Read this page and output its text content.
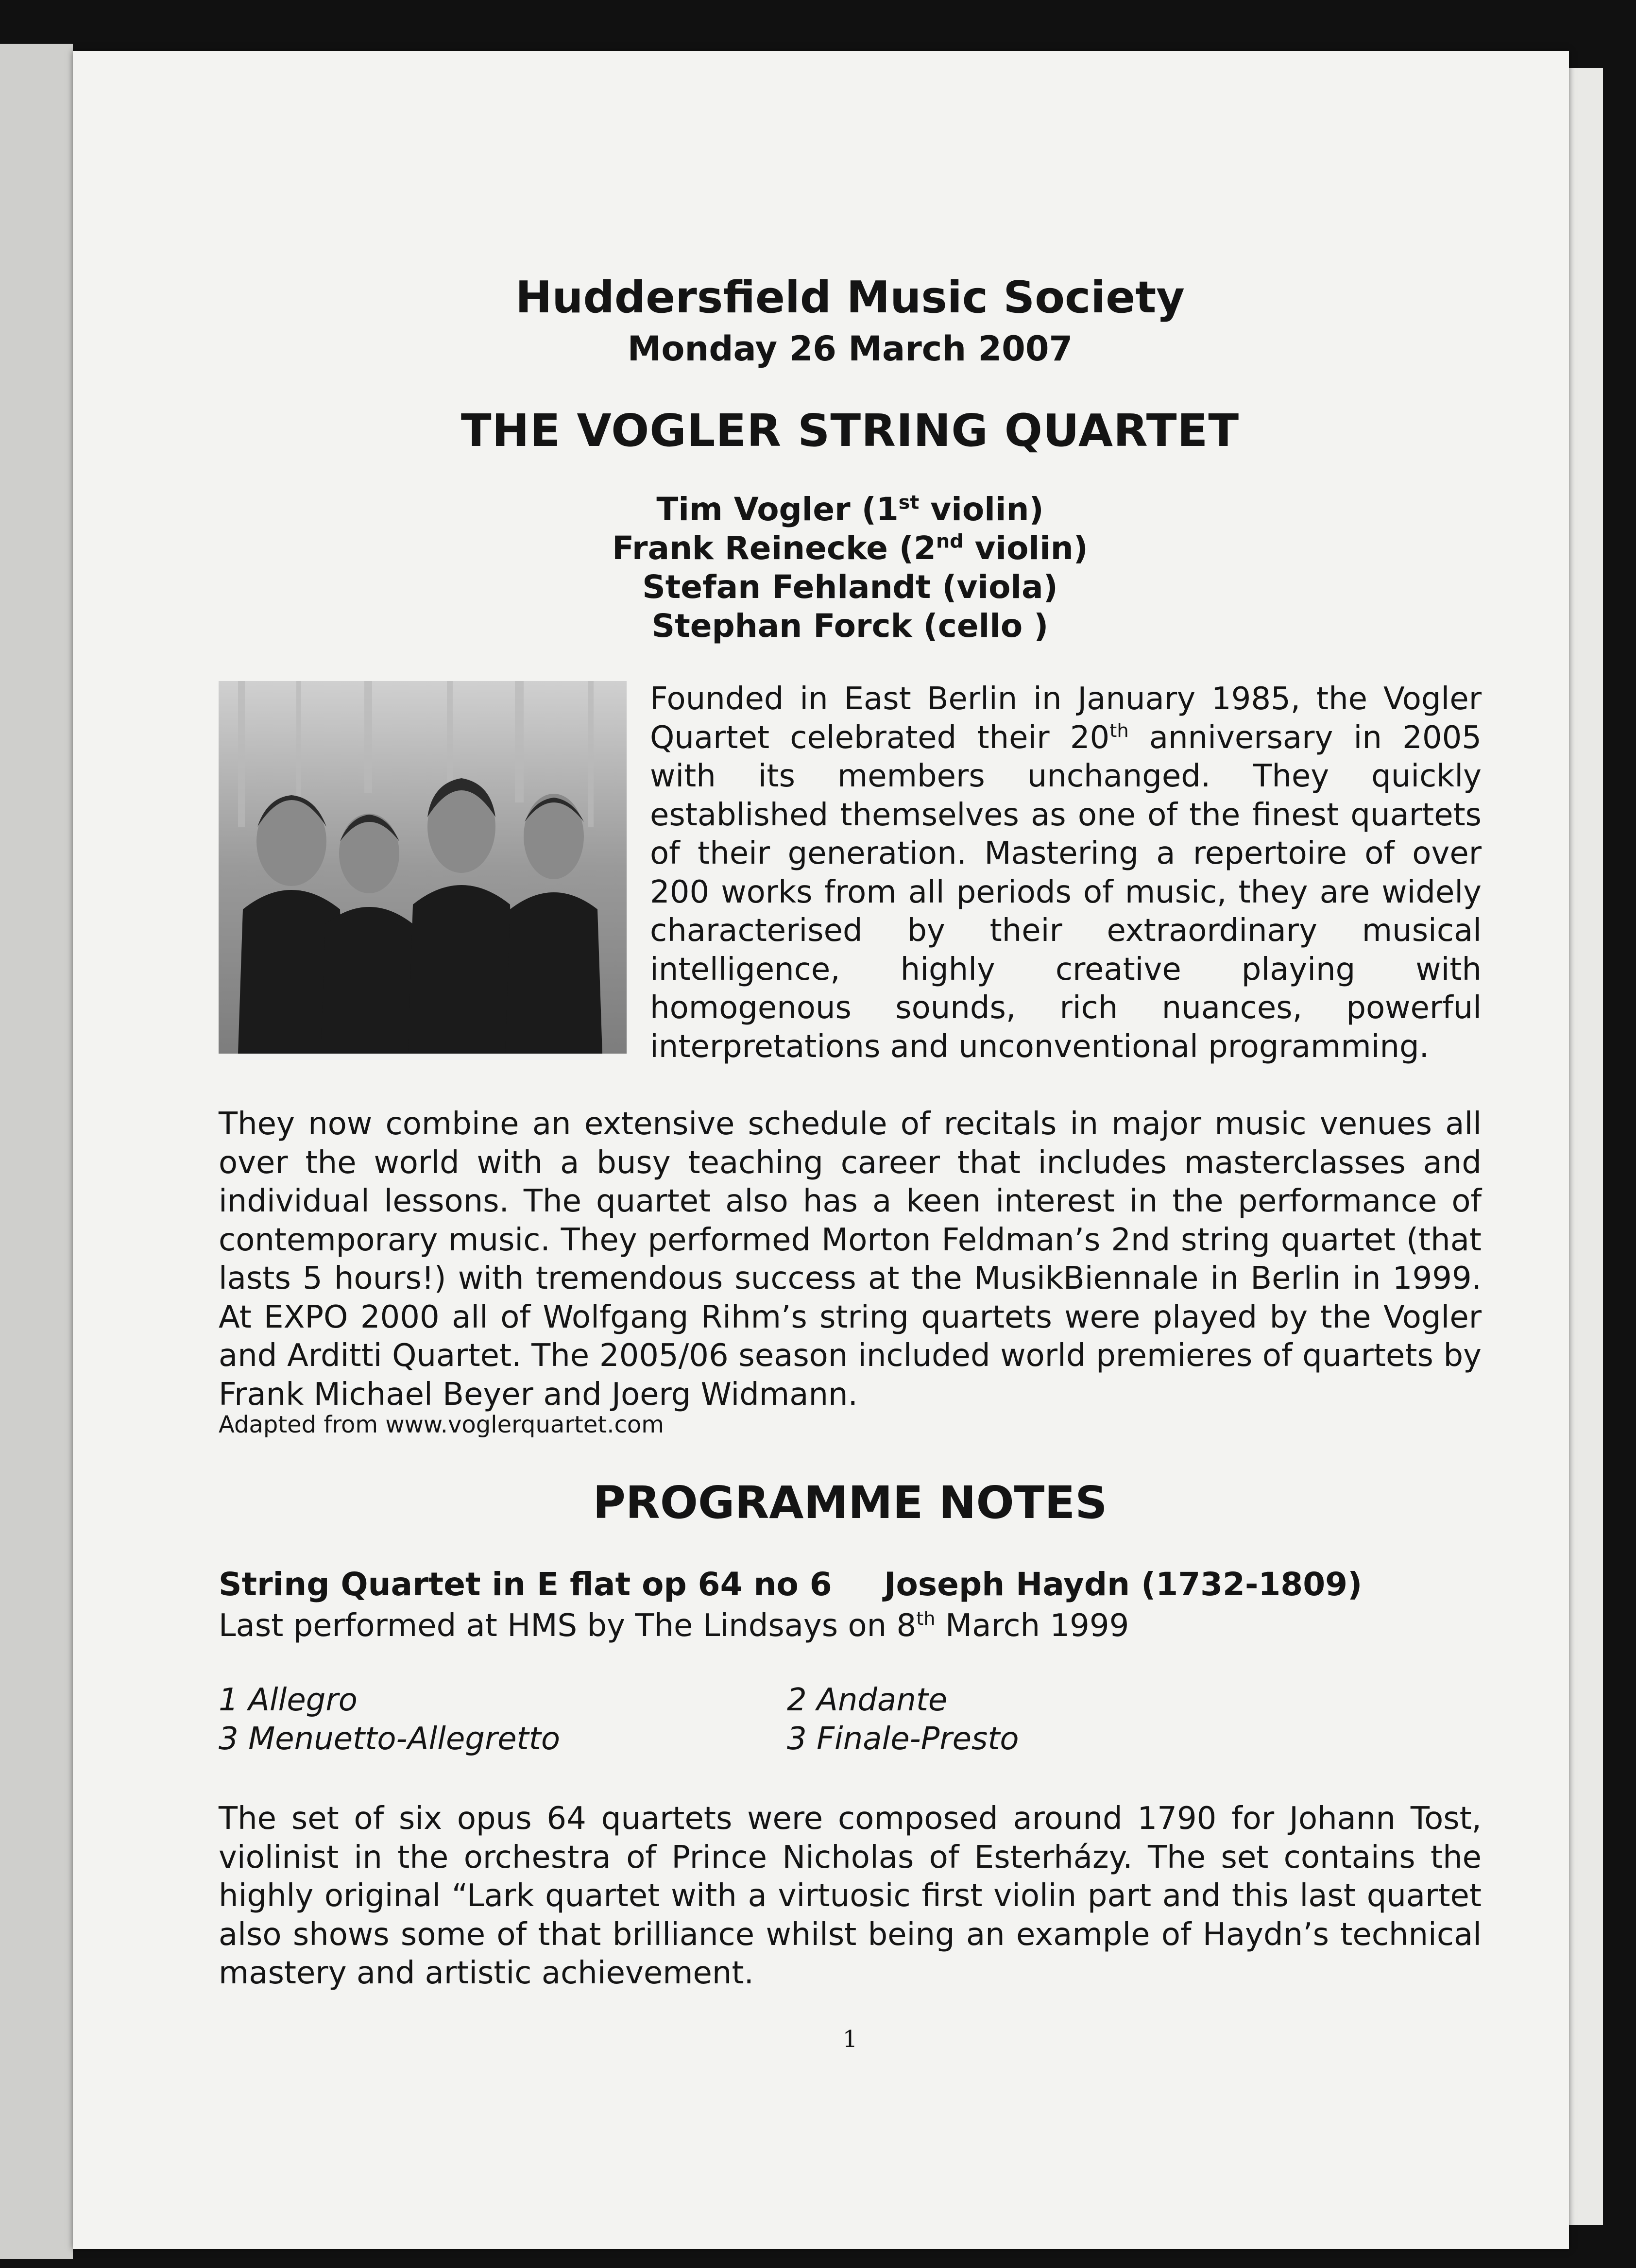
Huddersfield Music Society
Monday 26 March 2007
THE VOGLER STRING QUARTET
Tim Vogler (1st violin)
Frank Reinecke (2nd violin)
Stefan Fehlandt (viola)
Stephan Forck (cello )
Founded in East Berlin in January 1985, the Vogler Quartet celebrated their 20th anniversary in 2005 with its members unchanged. They quickly established themselves as one of the finest quartets of their generation. Mastering a repertoire of over 200 works from all periods of music, they are widely characterised by their extraordinary musical intelligence, highly creative playing with homogenous sounds, rich nuances, powerful interpretations and unconventional programming.
They now combine an extensive schedule of recitals in major music venues all over the world with a busy teaching career that includes masterclasses and individual lessons. The quartet also has a keen interest in the performance of contemporary music. They performed Morton Feldman’s 2nd string quartet (that lasts 5 hours!) with tremendous success at the MusikBiennale in Berlin in 1999. At EXPO 2000 all of Wolfgang Rihm’s string quartets were played by the Vogler and Arditti Quartet. The 2005/06 season included world premieres of quartets by Frank Michael Beyer and Joerg Widmann.
Adapted from www.voglerquartet.com
PROGRAMME NOTES
String Quartet in E flat op 64 no 6 Joseph Haydn (1732-1809)
Last performed at HMS by The Lindsays on 8th March 1999
1 Allegro	2 Andante
3 Menuetto-Allegretto	3 Finale-Presto
The set of six opus 64 quartets were composed around 1790 for Johann Tost, violinist in the orchestra of Prince Nicholas of Esterházy. The set contains the highly original “Lark quartet with a virtuosic first violin part and this last quartet also shows some of that brilliance whilst being an example of Haydn’s technical mastery and artistic achievement.
1
